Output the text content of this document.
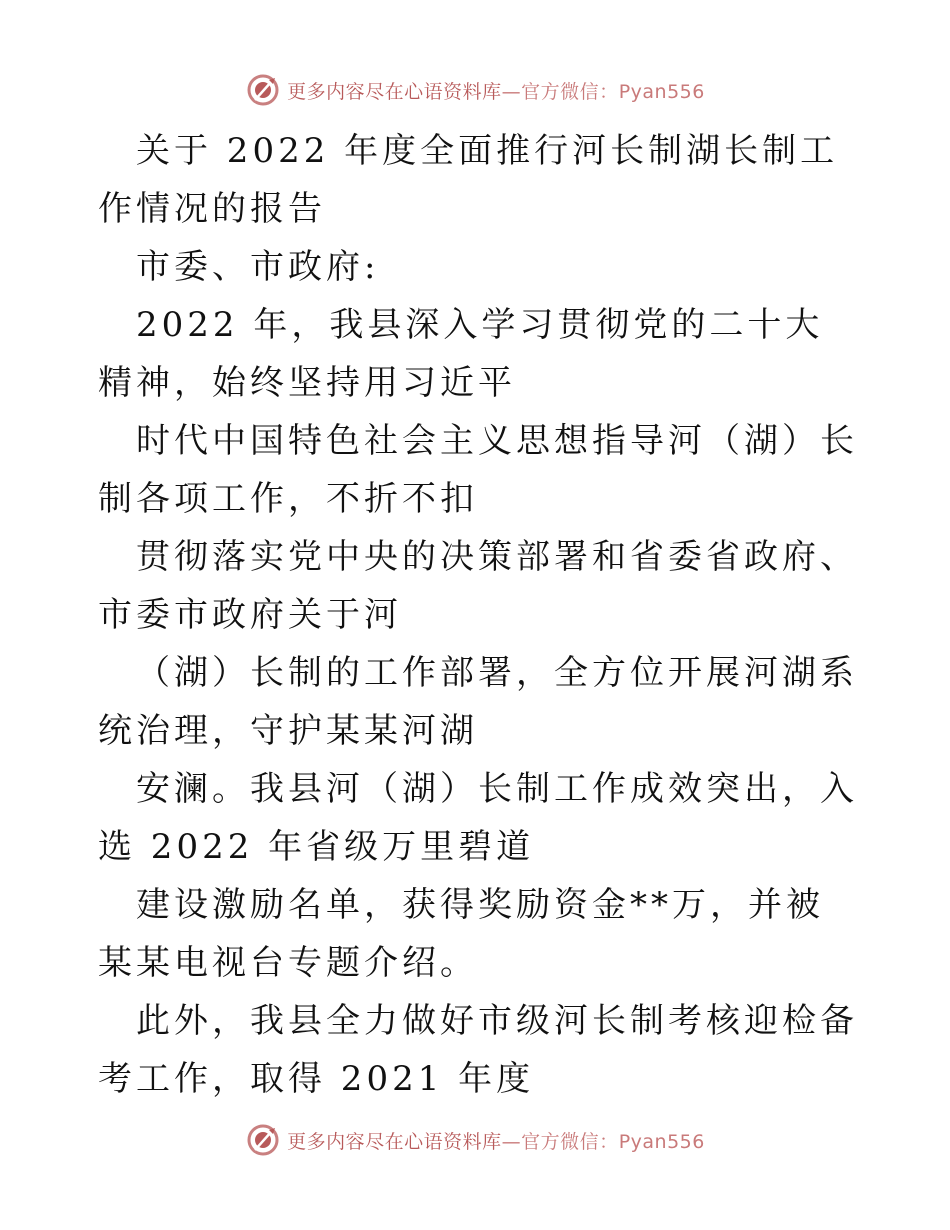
更多内容尽在心语资料库—官方微信：Pyan556

关于 2022 年度全面推行河长制湖长制工作情况的报告

市委、市政府:

2022 年，我县深入学习贯彻党的二十大精神，始终坚持用习近平

时代中国特色社会主义思想指导河（湖）长制各项工作，不折不扣

贯彻落实党中央的决策部署和省委省政府、市委市政府关于河

（湖）长制的工作部署，全方位开展河湖系统治理，守护某某河湖

安澜。我县河（湖）长制工作成效突出，入选 2022 年省级万里碧道

建设激励名单，获得奖励资金**万，并被某某电视台专题介绍。

此外，我县全力做好市级河长制考核迎检备考工作，取得 2021 年度

更多内容尽在心语资料库—官方微信：Pyan556
